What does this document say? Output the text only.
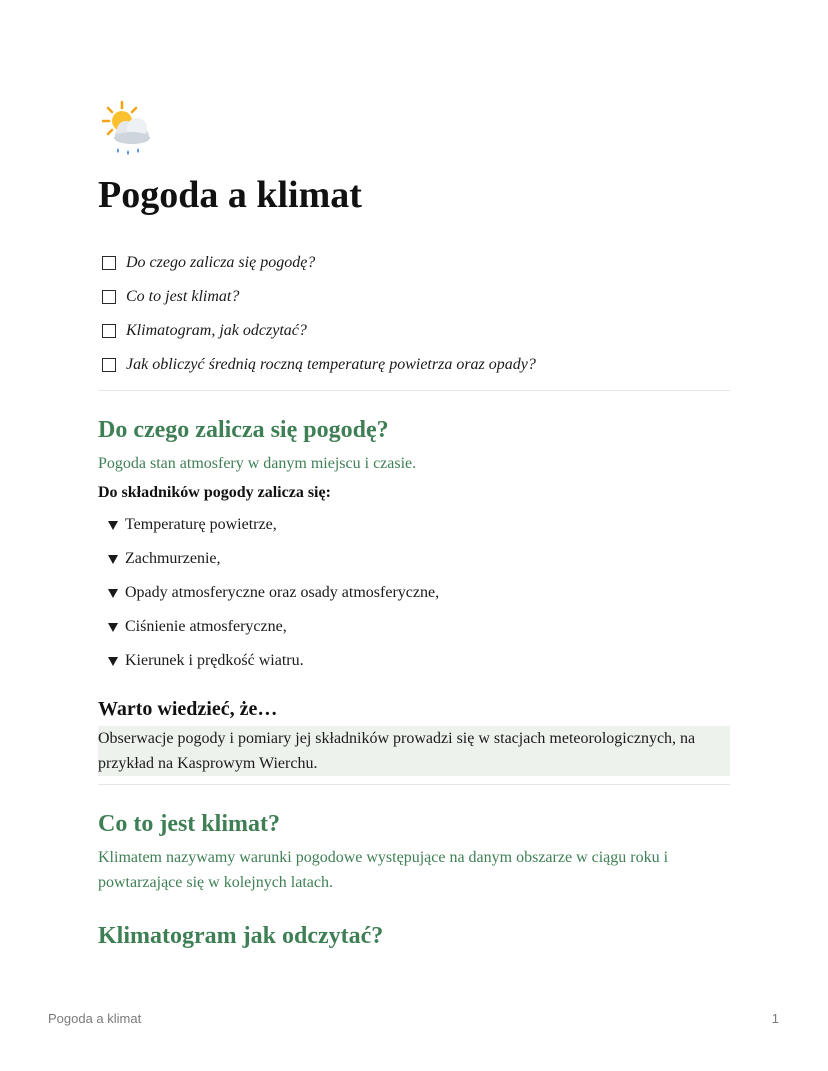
Pogoda a klimat
Do czego zalicza się pogodę?
Co to jest klimat?
Klimatogram, jak odczytać?
Jak obliczyć średnią roczną temperaturę powietrza oraz opady?
Do czego zalicza się pogodę?
Pogoda stan atmosfery w danym miejscu i czasie.
Do składników pogody zalicza się:
Temperaturę powietrze,
Zachmurzenie,
Opady atmosferyczne oraz osady atmosferyczne,
Ciśnienie atmosferyczne,
Kierunek i prędkość wiatru.
Warto wiedzieć, że…
Obserwacje pogody i pomiary jej składników prowadzi się w stacjach meteorologicznych, na przykład na Kasprowym Wierchu.
Co to jest klimat?
Klimatem nazywamy warunki pogodowe występujące na danym obszarze w ciągu roku i powtarzające się w kolejnych latach.
Klimatogram jak odczytać?
Pogoda a klimat	1
